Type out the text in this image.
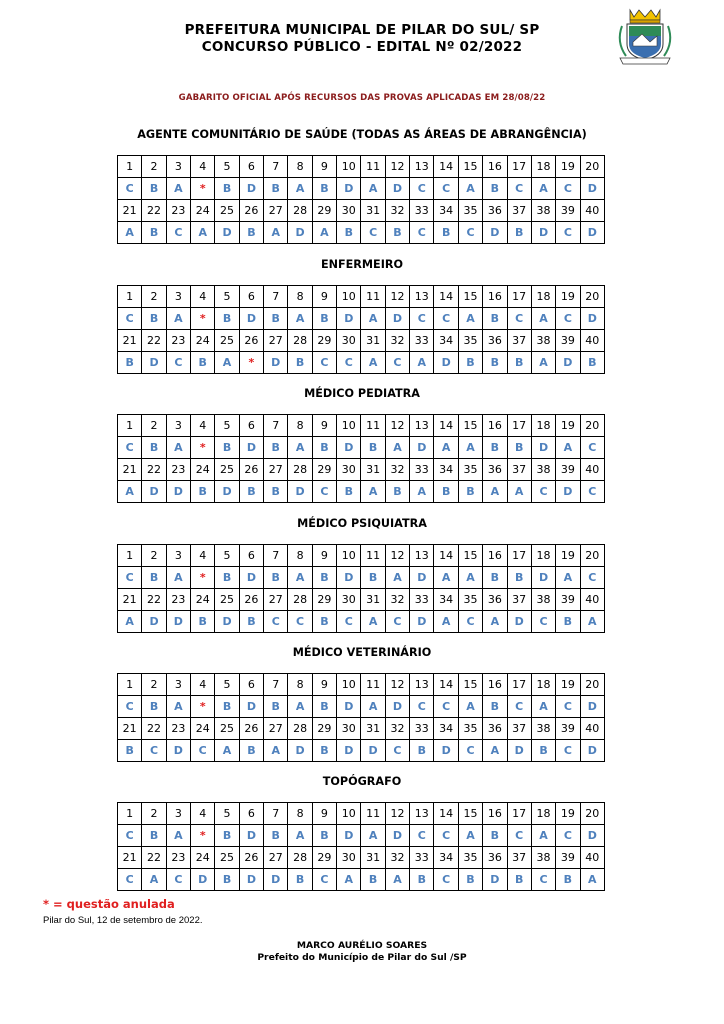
PREFEITURA MUNICIPAL DE PILAR DO SUL/ SP
CONCURSO PÚBLICO - EDITAL Nº 02/2022
GABARITO OFICIAL APÓS RECURSOS DAS PROVAS APLICADAS EM 28/08/22
AGENTE COMUNITÁRIO DE SAÚDE (TODAS AS ÁREAS DE ABRANGÊNCIA)
1	2	3	4	5	6	7	8	9	10	11	12	13	14	15	16	17	18	19	20
C	B	A	*	B	D	B	A	B	D	A	D	C	C	A	B	C	A	C	D
21	22	23	24	25	26	27	28	29	30	31	32	33	34	35	36	37	38	39	40
A	B	C	A	D	B	A	D	A	B	C	B	C	B	C	D	B	D	C	D
ENFERMEIRO
1	2	3	4	5	6	7	8	9	10	11	12	13	14	15	16	17	18	19	20
C	B	A	*	B	D	B	A	B	D	A	D	C	C	A	B	C	A	C	D
21	22	23	24	25	26	27	28	29	30	31	32	33	34	35	36	37	38	39	40
B	D	C	B	A	*	D	B	C	C	A	C	A	D	B	B	B	A	D	B
MÉDICO PEDIATRA
1	2	3	4	5	6	7	8	9	10	11	12	13	14	15	16	17	18	19	20
C	B	A	*	B	D	B	A	B	D	B	A	D	A	A	B	B	D	A	C
21	22	23	24	25	26	27	28	29	30	31	32	33	34	35	36	37	38	39	40
A	D	D	B	D	B	B	D	C	B	A	B	A	B	B	A	A	C	D	C
MÉDICO PSIQUIATRA
1	2	3	4	5	6	7	8	9	10	11	12	13	14	15	16	17	18	19	20
C	B	A	*	B	D	B	A	B	D	B	A	D	A	A	B	B	D	A	C
21	22	23	24	25	26	27	28	29	30	31	32	33	34	35	36	37	38	39	40
A	D	D	B	D	B	C	C	B	C	A	C	D	A	C	A	D	C	B	A
MÉDICO VETERINÁRIO
1	2	3	4	5	6	7	8	9	10	11	12	13	14	15	16	17	18	19	20
C	B	A	*	B	D	B	A	B	D	A	D	C	C	A	B	C	A	C	D
21	22	23	24	25	26	27	28	29	30	31	32	33	34	35	36	37	38	39	40
B	C	D	C	A	B	A	D	B	D	D	C	B	D	C	A	D	B	C	D
TOPÓGRAFO
1	2	3	4	5	6	7	8	9	10	11	12	13	14	15	16	17	18	19	20
C	B	A	*	B	D	B	A	B	D	A	D	C	C	A	B	C	A	C	D
21	22	23	24	25	26	27	28	29	30	31	32	33	34	35	36	37	38	39	40
C	A	C	D	B	D	D	B	C	A	B	A	B	C	B	D	B	C	B	A
* = questão anulada
Pilar do Sul, 12 de setembro de 2022.
MARCO AURÉLIO SOARES
Prefeito do Município de Pilar do Sul /SP
